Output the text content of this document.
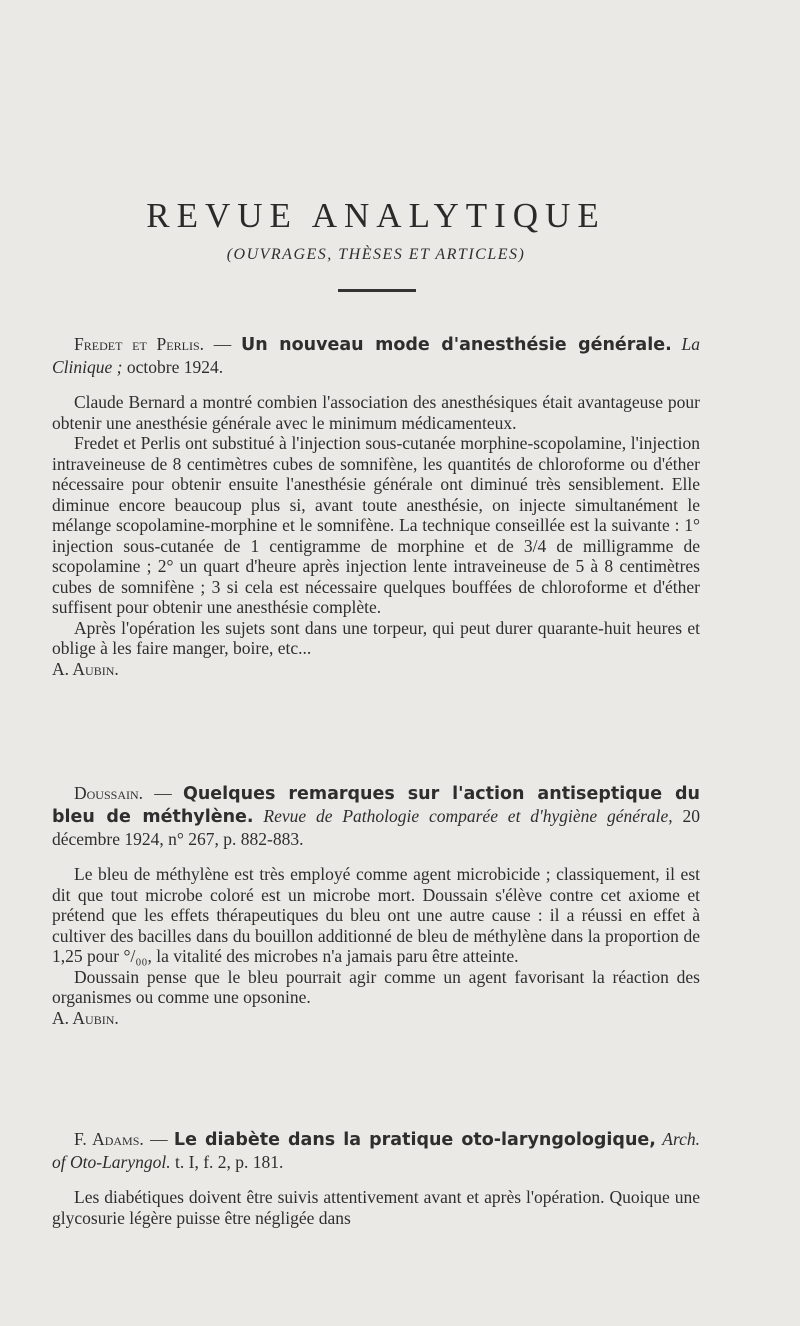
REVUE ANALYTIQUE
(OUVRAGES, THÈSES ET ARTICLES)

Fredet et Perlis. — Un nouveau mode d'anesthésie générale. La Clinique ; octobre 1924.

Claude Bernard a montré combien l'association des anesthésiques était avantageuse pour obtenir une anesthésie générale avec le minimum médicamenteux.

Fredet et Perlis ont substitué à l'injection sous-cutanée morphine-scopolamine, l'injection intraveineuse de 8 centimètres cubes de somnifène, les quantités de chloroforme ou d'éther nécessaire pour obtenir ensuite l'anesthésie générale ont diminué très sensiblement. Elle diminue encore beaucoup plus si, avant toute anesthésie, on injecte simultanément le mélange scopolamine-morphine et le somnifène. La technique conseillée est la suivante : 1° injection sous-cutanée de 1 centigramme de morphine et de 3/4 de milligramme de scopolamine ; 2° un quart d'heure après injection lente intraveineuse de 5 à 8 centimètres cubes de somnifène ; 3 si cela est nécessaire quelques bouffées de chloroforme et d'éther suffisent pour obtenir une anesthésie complète.

Après l'opération les sujets sont dans une torpeur, qui peut durer quarante-huit heures et oblige à les faire manger, boire, etc...

A. Aubin.

Doussain. — Quelques remarques sur l'action antiseptique du bleu de méthylène. Revue de Pathologie comparée et d'hygiène générale, 20 décembre 1924, n° 267, p. 882-883.

Le bleu de méthylène est très employé comme agent microbicide ; classiquement, il est dit que tout microbe coloré est un microbe mort. Doussain s'élève contre cet axiome et prétend que les effets thérapeutiques du bleu ont une autre cause : il a réussi en effet à cultiver des bacilles dans du bouillon additionné de bleu de méthylène dans la proportion de 1,25 pour °/₀₀, la vitalité des microbes n'a jamais paru être atteinte.

Doussain pense que le bleu pourrait agir comme un agent favorisant la réaction des organismes ou comme une opsonine.

A. Aubin.

F. Adams. — Le diabète dans la pratique oto-laryngologique, Arch. of Oto-Laryngol. t. I, f. 2, p. 181.

Les diabétiques doivent être suivis attentivement avant et après l'opération. Quoique une glycosurie légère puisse être négligée dans
